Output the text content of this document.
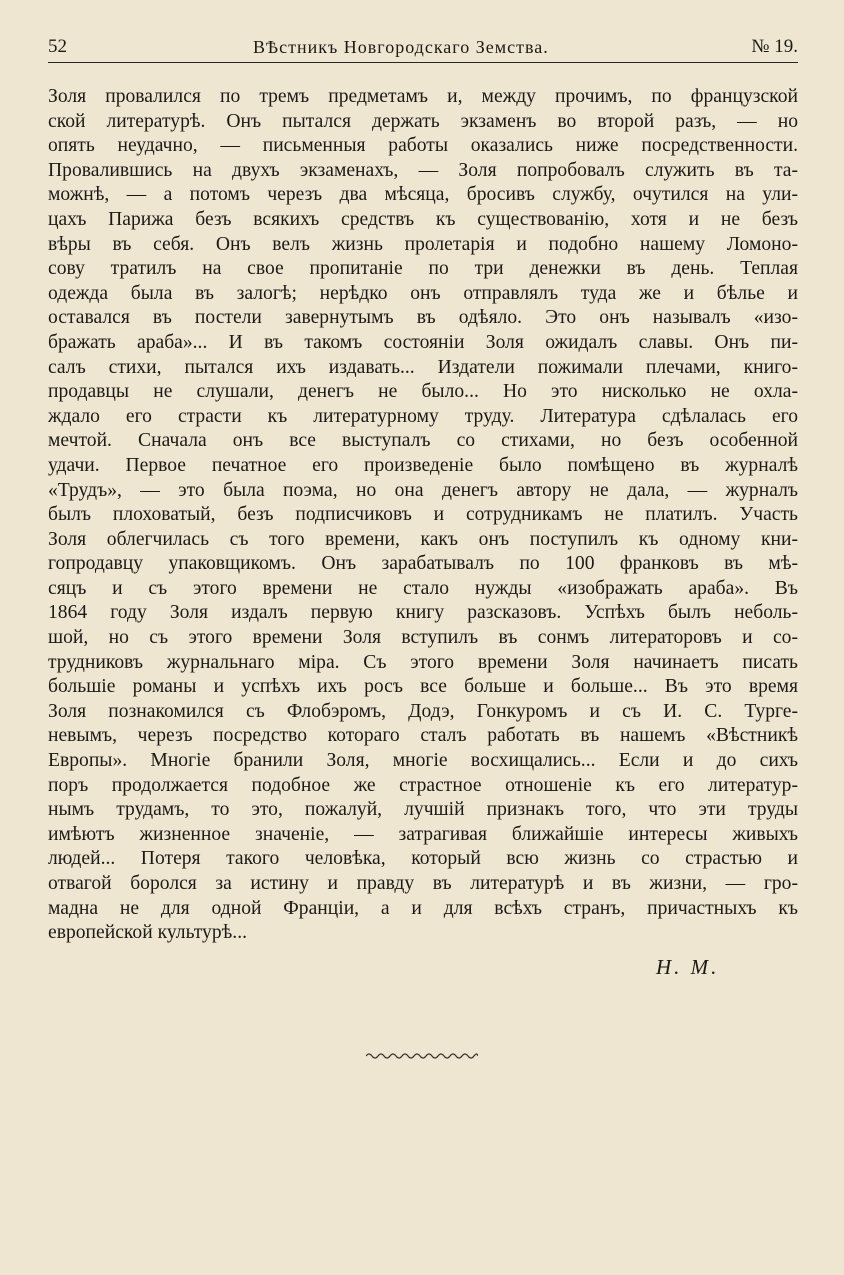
52	ВѢстникъ Новгородскаго Земства.	№ 19.
Золя провалился по тремъ предметамъ и, между прочимъ, по французской
ской литературѣ. Онъ пытался держать экзаменъ во второй разъ, — но
опять неудачно, — письменныя работы оказались ниже посредственности.
Провалившись на двухъ экзаменахъ, — Золя попробовалъ служить въ та-
можнѣ, — а потомъ черезъ два мѣсяца, бросивъ службу, очутился на ули-
цахъ Парижа безъ всякихъ средствъ къ существованію, хотя и не безъ
вѣры въ себя. Онъ велъ жизнь пролетарія и подобно нашему Ломоно-
сову тратилъ на свое пропитаніе по три денежки въ день. Теплая
одежда была въ залогѣ; нерѣдко онъ отправлялъ туда же и бѣлье и
оставался въ постели завернутымъ въ одѣяло. Это онъ называлъ «изо-
бражать араба»... И въ такомъ состояніи Золя ожидалъ славы. Онъ пи-
салъ стихи, пытался ихъ издавать... Издатели пожимали плечами, книго-
продавцы не слушали, денегъ не было... Но это нисколько не охла-
ждало его страсти къ литературному труду. Литература сдѣлалась его
мечтой. Сначала онъ все выступалъ со стихами, но безъ особенной
удачи. Первое печатное его произведеніе было помѣщено въ журналѣ
«Трудъ», — это была поэма, но она денегъ автору не дала, — журналъ
былъ плоховатый, безъ подписчиковъ и сотрудникамъ не платилъ. Участь
Золя облегчилась съ того времени, какъ онъ поступилъ къ одному кни-
гопродавцу упаковщикомъ. Онъ зарабатывалъ по 100 франковъ въ мѣ-
сяцъ и съ этого времени не стало нужды «изображать араба». Въ
1864 году Золя издалъ первую книгу разсказовъ. Успѣхъ былъ неболь-
шой, но съ этого времени Золя вступилъ въ сонмъ литераторовъ и со-
трудниковъ журнальнаго міра. Съ этого времени Золя начинаетъ писать
большіе романы и успѣхъ ихъ росъ все больше и больше... Въ это время
Золя познакомился съ Флобэромъ, Додэ, Гонкуромъ и съ И. С. Турге-
невымъ, черезъ посредство котораго сталъ работать въ нашемъ «Вѣстникѣ
Европы». Многіе бранили Золя, многіе восхищались... Если и до сихъ
поръ продолжается подобное же страстное отношеніе къ его литератур-
нымъ трудамъ, то это, пожалуй, лучшій признакъ того, что эти труды
имѣютъ жизненное значеніе, — затрагивая ближайшіе интересы живыхъ
людей... Потеря такого человѣка, который всю жизнь со страстью и
отвагой боролся за истину и правду въ литературѣ и въ жизни, — гро-
мадна не для одной Франціи, а и для всѣхъ странъ, причастныхъ къ
европейской культурѣ...
Н. М.
